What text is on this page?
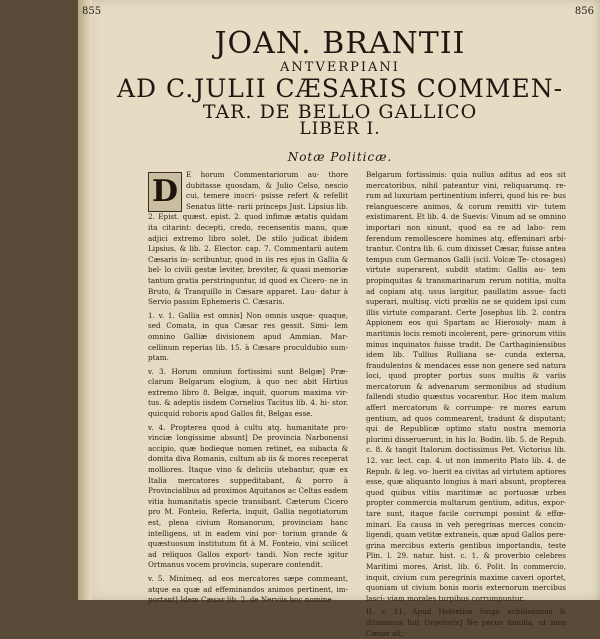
855	856
JOAN. BRANTII
ANTVERPIANI
AD C.JULII CÆSARIS COMMEN-
TAR. DE BELLO GALLICO
LIBER I.
Notæ Politicæ.
D	E horum Commentariorum au- thore dubitasse quosdam, & Julio Celso, nescio cui, temere inscri- psisse refert & refellit Senatus litte- rarii princeps Just. Lipsius lib. 2. Epist. quæst. epist. 2. quod infimæ ætatis quidam ita citarint: decepti, credo, recensentis manu, quæ adjici extremo libro solet. De stilo judicat ibidem Lipsius, & lib. 2. Elector. cap. 7. Commentarii autem Cæsaris in- scribuntur, quod in iis res ejus in Gallia & bel- lo civili gestæ leviter, breviter, & quasi memoriæ tantum gratia perstringuntur, id quod ex Cicero- ne in Bruto, & Tranquillo in Cæsare apparet. Lau- datur à Servio passim Ephemeris C. Cæsaris.

1. v. 1. Gallia est omnis] Non omnis usque- quaque, sed Comata, in qua Cæsar res gessit. Simi- lem omnino Galliæ divisionem apud Ammian. Mar- cellinum reperias lib. 15. à Cæsare proculdubio sum- ptam.

v. 3. Horum omnium fortissimi sunt Belgæ] Præ- clarum Belgarum elogium, à quo nec abit Hirtius extremo libro 8. Belgæ, inquit, quorum maxima vir- tus. & adeptis iisdem Cornelius Tacitus lib. 4. hi- stor. quicquid roboris apud Gallos fit, Belgas esse.

v. 4. Propterea quod à cultu atq. humanitate pro- vinciæ longissime absunt] De provincia Narbonensi accipio, quæ hodieque nomen retinet, ea subacta & domita diva Romanis, cultum ab iis & mores receperat molliores. Itaque vino & deliciis utebantur, quæ ex Italia mercatores suppeditabant, & porro à Provincialibus ad proximos Aquitanos ac Celtas eadem vitia humanitatis specie transibant. Cæterum Cicero pro M. Fonteio, Referta, inquit, Gallia negotiatorum est, plena civium Romanorum, provinciam hanc intelligens, ut in eadem vini por- torium grande & quæstuosum institutum fit à M. Fonteio, vini scilicet ad reliquos Gallos export- tandi. Non recte igitur Ortmanus vocem provincia, superare contendit.

v. 5. Minimeq. ad eos mercatores sæpe commeant, atque ea quæ ad effeminandos animos pertinent, im- portant] Idem Cæsar lib. 2. de Nerviis hoc nomine

Belgarum fortissimis: quia nullus aditus ad eos sit mercatoribus, nihil pateantur vini, reliquarumq. re- rum ad luxuriam pertinentium inferri, quod his re- bus relanguescere animos, & corum remitti vir- tutem existimarent. Et lib. 4. de Suevis: Vinum ad se omnino importari non sinunt, quod ea re ad labo- rem ferendum remollescere homines atq. effeminari arbi- trantur. Contra lib. 6. cum dixisset Cæsar, fuisse antea tempus cum Germanos Galli (scil. Volcæ Te- ctosages) virtute superarent, subdit statim: Gallis au- tem propinquitas & transmarinarum rerum notitia, multa ad copiam atq. usus largitur, paullatim assue- facti superari, multisq. victi prœliis ne se quidem ipsi cum illis virtute comparant. Certe Josephus lib. 2. contra Appionem eos qui Spartam ac Hierosoly- mam à maritimis locis remoti incolerent, pere- grinorum vitiis minus inquinatos fuisse tradit. De Carthaginiensibus idem lib. Tullius Rulliana se- cunda externa, fraudulentos & mendaces esse non genere sed natura loci, quod propter portus suos multis & variis mercatorum & advenarum sermonibus ad studium fallendi studio quæstus vocarentur. Hoc item malum affert mercatorum & corrumpe- re mores earum gentium, ad quos commearent, tradunt & disputant; qui de Republicæ optimo statu nostra memoria plurimi disseruerunt, in his Io. Bodin. lib. 5. de Repub. c. 8. & tangit Italorum doctissimus Pet. Victorius lib. 12. var. lect. cap. 4. ut non immerito Plato lib. 4. de Repub. & leg. vo- luerit ea civitas ad virtutem aptiores esse, quæ aliquanto longius à mari absunt, propterea quod quibus vitiis maritimæ ac portuosæ urbes propter commercia multarum gentium, aditus, expor- tare sunt, itaque facile corrumpi possint & effœ- minari. Ea causa in veh peregrinas merces concin- ligendi, quam vetitæ extraneis, quæ apud Gallos pere- grina mercibus exteris gentibus importandis, teste Plin. l. 29. natur. hist. c. 1. & proverbio celebres Maritimi mores, Arist. lib. 6. Polit. In commercio, inquit, civium cum peregrinis maxime caveri oportet, quoniam ut civium bonis moris externorum mercibus lasci- viam morales turpibus corrumpuntur.

II. v. 11. Apud Helvetios longe nobilissimus & ditissimus fuit Orgetorix] Ne pecus familia, ut mox Cæsar ait,
